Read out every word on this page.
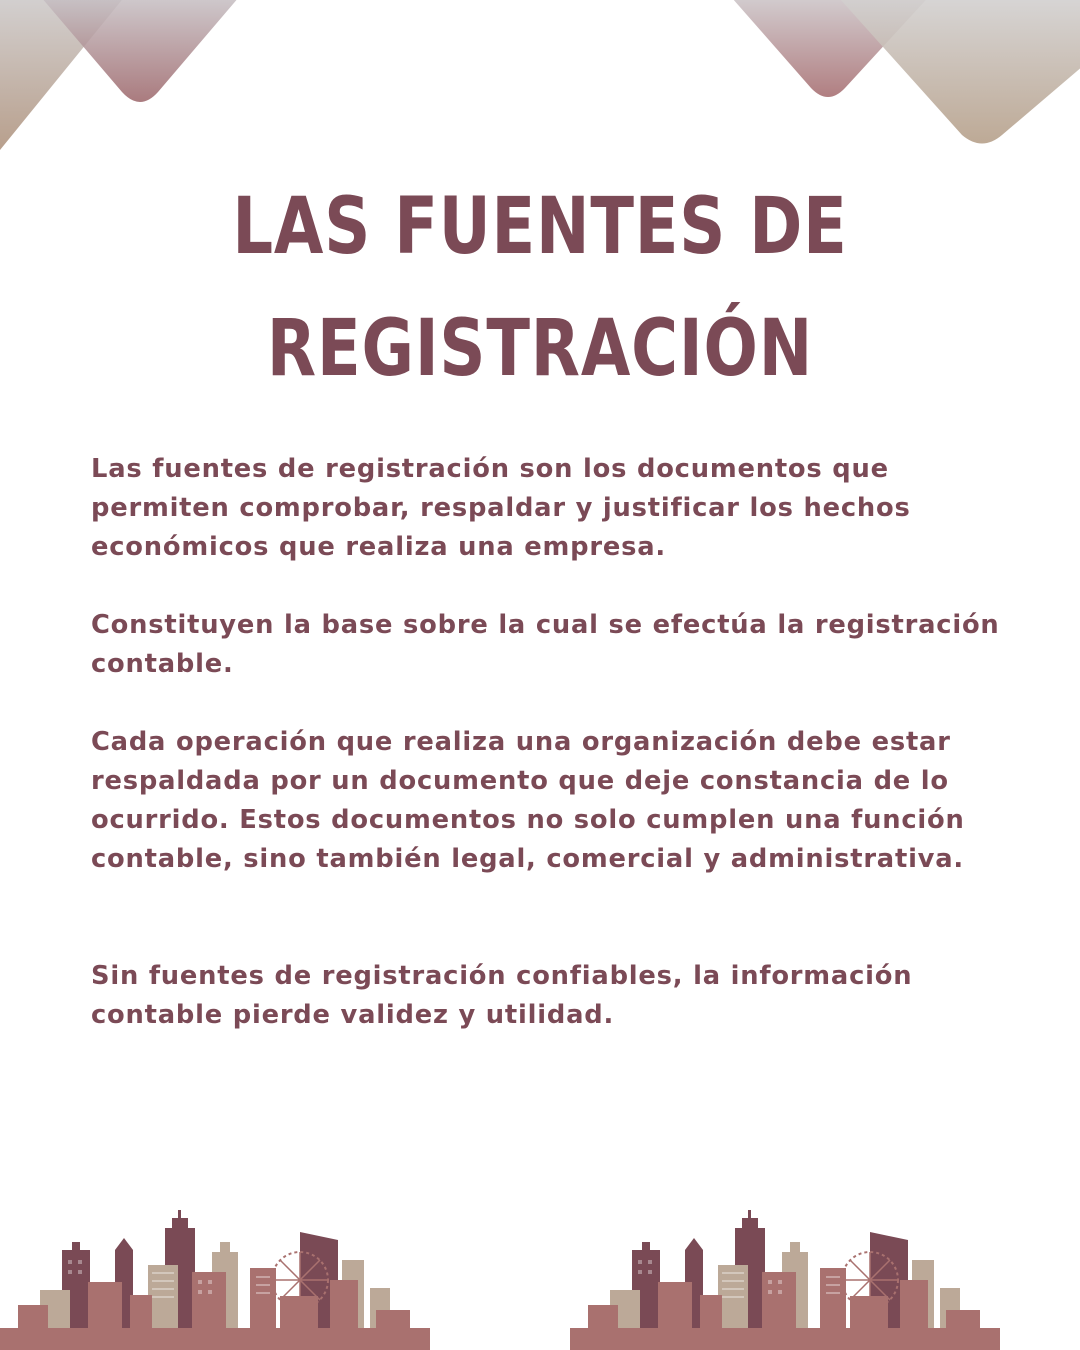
LAS FUENTES DE
REGISTRACIÓN

Las fuentes de registración son los documentos que permiten comprobar, respaldar y justificar los hechos económicos que realiza una empresa.

Constituyen la base sobre la cual se efectúa la registración contable.

Cada operación que realiza una organización debe estar respaldada por un documento que deje constancia de lo ocurrido. Estos documentos no solo cumplen una función contable, sino también legal, comercial y administrativa.

Sin fuentes de registración confiables, la información contable pierde validez y utilidad.
